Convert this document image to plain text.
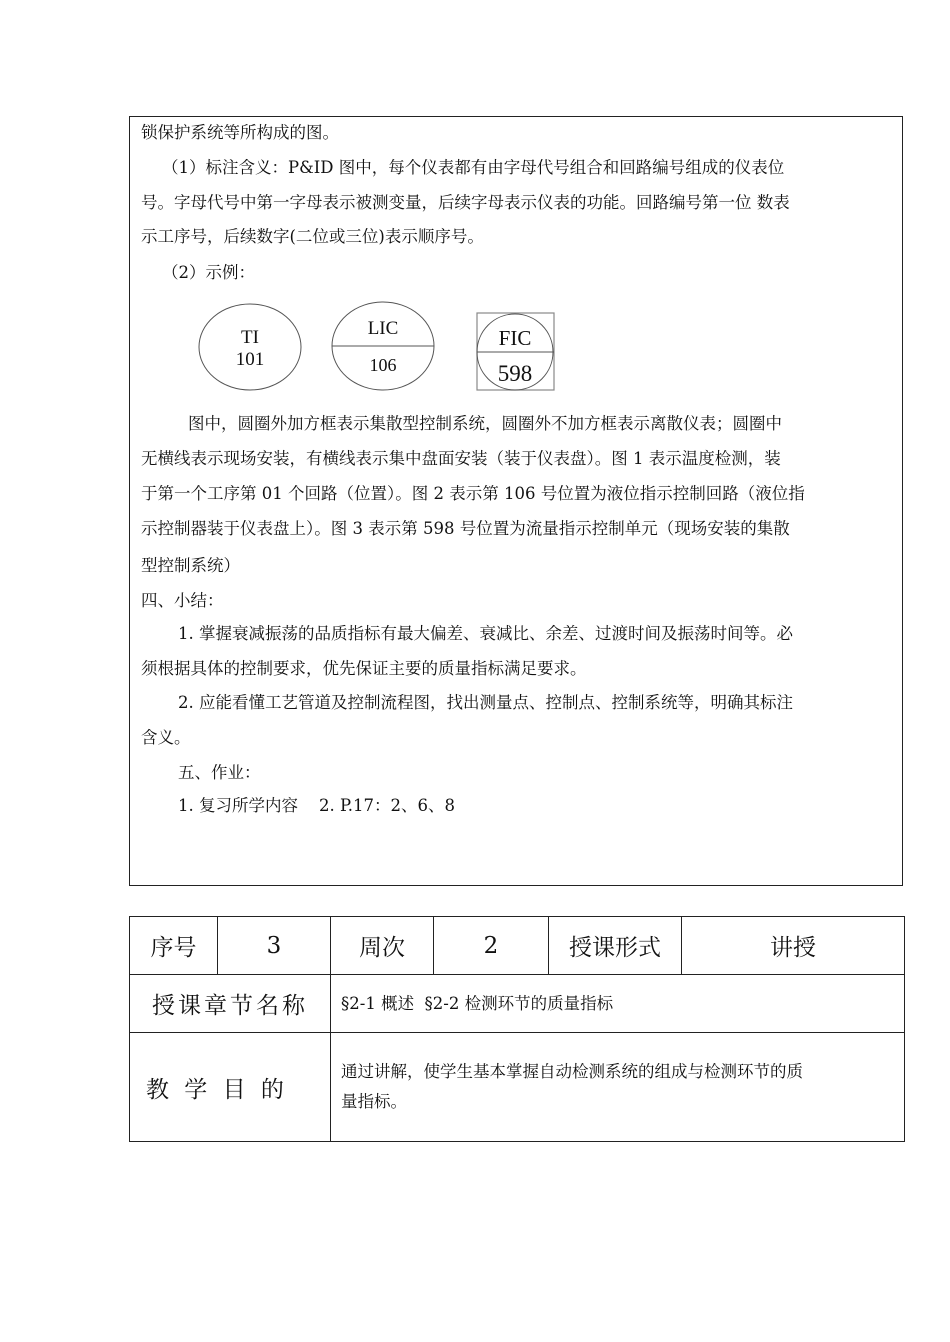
锁保护系统等所构成的图。
（1）标注含义：P&ID 图中，每个仪表都有由字母代号组合和回路编号组成的仪表位
号。字母代号中第一字母表示被测变量，后续字母表示仪表的功能。回路编号第一位 数表
示工序号，后续数字(二位或三位)表示顺序号。
（2）示例：
TI
101
LIC
106
FIC
598
图中，圆圈外加方框表示集散型控制系统，圆圈外不加方框表示离散仪表；圆圈中
无横线表示现场安装，有横线表示集中盘面安装（装于仪表盘）。图 1 表示温度检测，装
于第一个工序第 01 个回路（位置）。图 2 表示第 106 号位置为液位指示控制回路（液位指
示控制器装于仪表盘上）。图 3 表示第 598 号位置为流量指示控制单元（现场安装的集散
型控制系统）
四、小结：
1. 掌握衰减振荡的品质指标有最大偏差、衰减比、余差、过渡时间及振荡时间等。必
须根据具体的控制要求，优先保证主要的质量指标满足要求。
2. 应能看懂工艺管道及控制流程图，找出测量点、控制点、控制系统等，明确其标注
含义。
五、作业：
1. 复习所学内容    2. P.17：2、6、8
序号	3	周次	2	授课形式	讲授
授课章节名称		§2-1 概述  §2-2 检测环节的质量指标			
教 学 目 的		通过讲解，使学生基本掌握自动检测系统的组成与检测环节的质
量指标。			
